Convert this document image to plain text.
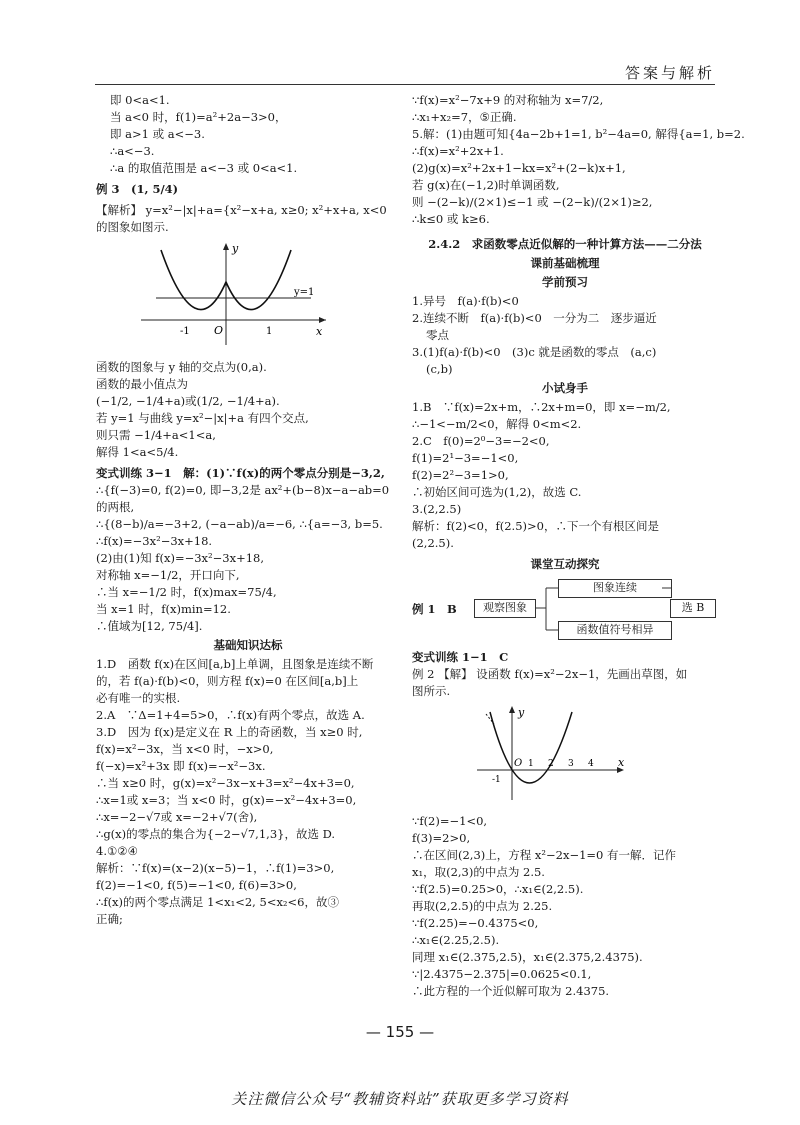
答案与解析
即 0<a<1.
当 a<0 时，f(1)=a²+2a−3>0，
即 a>1 或 a<−3.
∴a<−3.
∴a 的取值范围是 a<−3 或 0<a<1.
例 3　(1, 5/4)
【解析】 y=x²−|x|+a={x²−x+a, x≥0; x²+x+a, x<0
的图象如图示.
y
x
O
y=1
-1	1
函数的图象与 y 轴的交点为(0,a).
函数的最小值点为
(−1/2, −1/4+a)或(1/2, −1/4+a).
若 y=1 与曲线 y=x²−|x|+a 有四个交点,
则只需 −1/4+a<1<a,
解得 1<a<5/4.
变式训练 3−1　解：(1)∵f(x)的两个零点分别是−3,2,
∴{f(−3)=0, f(2)=0, 即−3,2是 ax²+(b−8)x−a−ab=0
的两根,
∴{(8−b)/a=−3+2, (−a−ab)/a=−6, ∴{a=−3, b=5.
∴f(x)=−3x²−3x+18.
(2)由(1)知 f(x)=−3x²−3x+18,
对称轴 x=−1/2，开口向下,
∴当 x=−1/2 时，f(x)max=75/4,
当 x=1 时，f(x)min=12.
∴值域为[12, 75/4].
基础知识达标
1.D　函数 f(x)在区间[a,b]上单调，且图象是连续不断
的，若 f(a)·f(b)<0，则方程 f(x)=0 在区间[a,b]上
必有唯一的实根.
2.A　∵Δ=1+4=5>0，∴f(x)有两个零点，故选 A.
3.D　因为 f(x)是定义在 R 上的奇函数，当 x≥0 时,
f(x)=x²−3x，当 x<0 时，−x>0,
f(−x)=x²+3x 即 f(x)=−x²−3x.
∴当 x≥0 时，g(x)=x²−3x−x+3=x²−4x+3=0,
∴x=1或 x=3；当 x<0 时，g(x)=−x²−4x+3=0,
∴x=−2−√7或 x=−2+√7(舍),
∴g(x)的零点的集合为{−2−√7,1,3}，故选 D.
4.①②④
解析：∵f(x)=(x−2)(x−5)−1，∴f(1)=3>0,
f(2)=−1<0, f(5)=−1<0, f(6)=3>0,
∴f(x)的两个零点满足 1<x₁<2, 5<x₂<6，故③
正确;
∵f(x)=x²−7x+9 的对称轴为 x=7/2,
∴x₁+x₂=7，⑤正确.
5.解：(1)由题可知{4a−2b+1=1, b²−4a=0, 解得{a=1, b=2.
∴f(x)=x²+2x+1.
(2)g(x)=x²+2x+1−kx=x²+(2−k)x+1,
若 g(x)在(−1,2)时单调函数,
则 −(2−k)/(2×1)≤−1 或 −(2−k)/(2×1)≥2,
∴k≤0 或 k≥6.
2.4.2　求函数零点近似解的一种计算方法——二分法
课前基础梳理
学前预习
1.异号　f(a)·f(b)<0
2.连续不断　f(a)·f(b)<0　一分为二　逐步逼近
零点
3.(1)f(a)·f(b)<0　(3)c 就是函数的零点　(a,c)
(c,b)
小试身手
1.B　∵f(x)=2x+m，∴2x+m=0，即 x=−m/2,
∴−1<−m/2<0，解得 0<m<2.
2.C　f(0)=2⁰−3=−2<0,
f(1)=2¹−3=−1<0,
f(2)=2²−3=1>0,
∴初始区间可选为(1,2)，故选 C.
3.(2,2.5)
解析：f(2)<0，f(2.5)>0，∴下一个有根区间是
(2,2.5).
课堂互动探究
例 1　B	观察图象
图象连续
函数值符号相异
选 B
变式训练 1−1　C
例 2 【解】 设函数 f(x)=x²−2x−1，先画出草图，如
图所示.
y
x
O
-1
1 2 3 4
∵f(2)=−1<0,
f(3)=2>0,
∴在区间(2,3)上，方程 x²−2x−1=0 有一解．记作
x₁，取(2,3)的中点为 2.5.
∵f(2.5)=0.25>0，∴x₁∈(2,2.5).
再取(2,2.5)的中点为 2.25.
∵f(2.25)=−0.4375<0,
∴x₁∈(2.25,2.5).
同理 x₁∈(2.375,2.5)，x₁∈(2.375,2.4375).
∵|2.4375−2.375|=0.0625<0.1,
∴此方程的一个近似解可取为 2.4375.
— 155 —
关注微信公众号“教辅资料站”获取更多学习资料
